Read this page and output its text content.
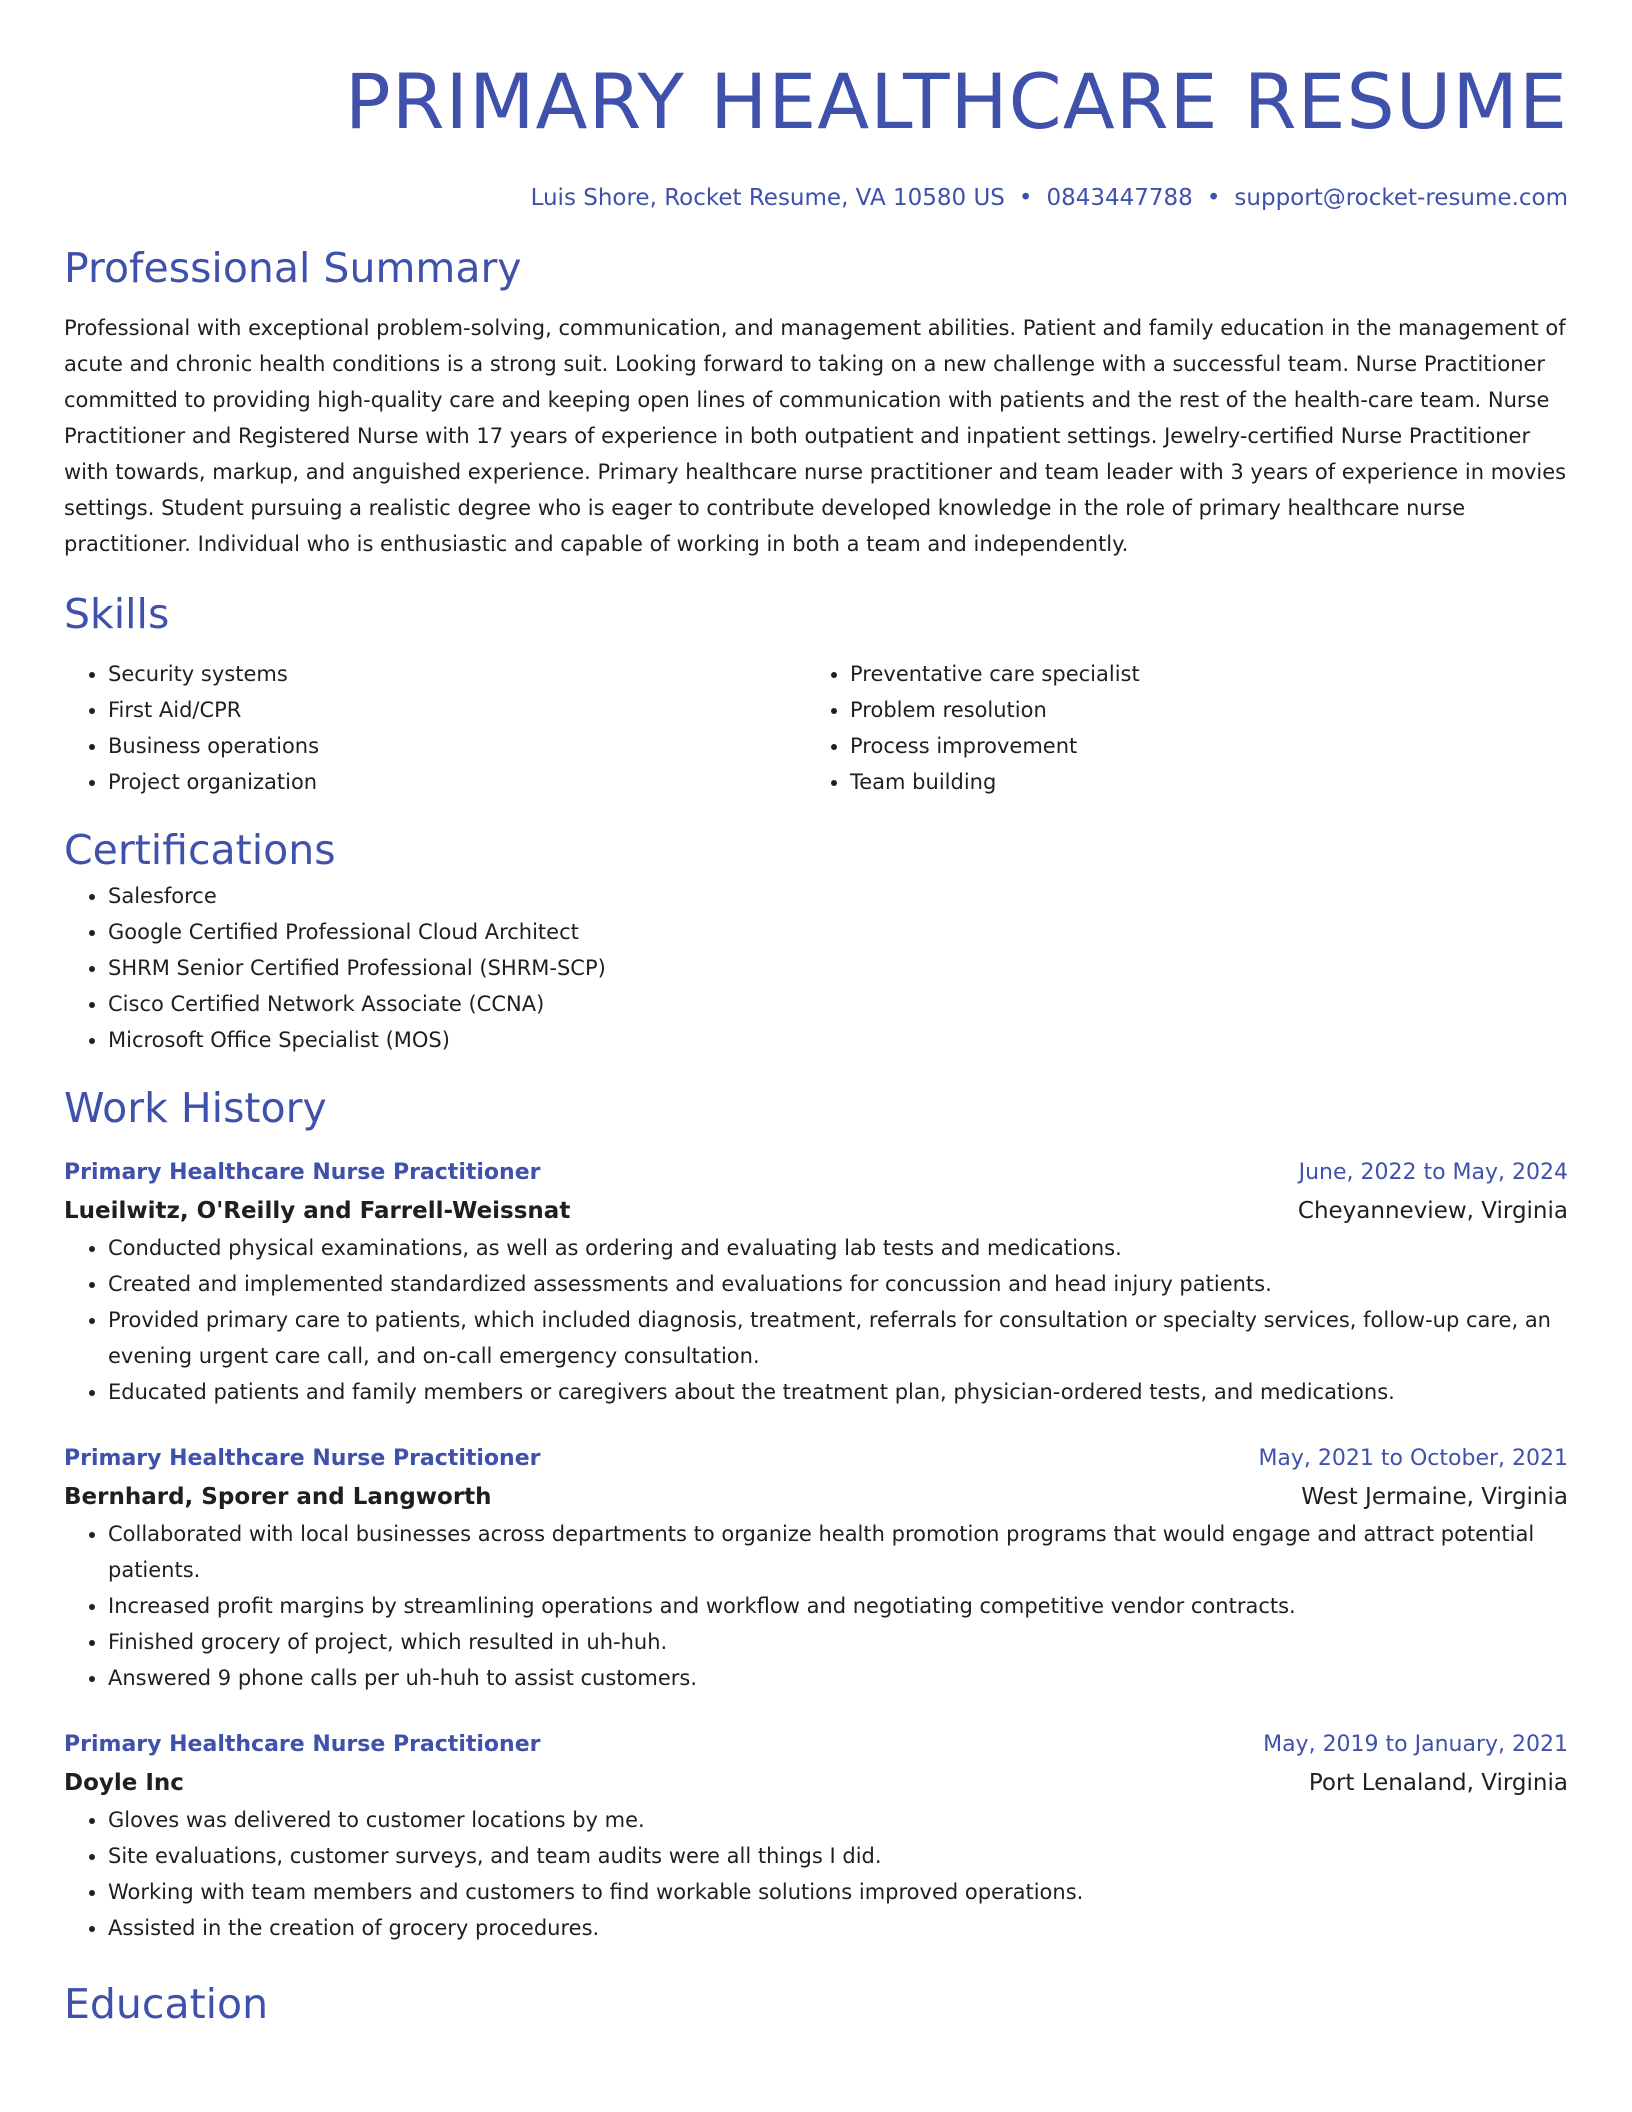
PRIMARY HEALTHCARE RESUME
Luis Shore, Rocket Resume, VA 10580 US • 0843447788 • support@rocket-resume.com
Professional Summary
Professional with exceptional problem-solving, communication, and management abilities. Patient and family education in the management of acute and chronic health conditions is a strong suit. Looking forward to taking on a new challenge with a successful team. Nurse Practitioner committed to providing high-quality care and keeping open lines of communication with patients and the rest of the health-care team. Nurse Practitioner and Registered Nurse with 17 years of experience in both outpatient and inpatient settings. Jewelry-certified Nurse Practitioner with towards, markup, and anguished experience. Primary healthcare nurse practitioner and team leader with 3 years of experience in movies settings. Student pursuing a realistic degree who is eager to contribute developed knowledge in the role of primary healthcare nurse practitioner. Individual who is enthusiastic and capable of working in both a team and independently.
Skills
• Security systems
• First Aid/CPR
• Business operations
• Project organization
• Preventative care specialist
• Problem resolution
• Process improvement
• Team building
Certifications
• Salesforce
• Google Certified Professional Cloud Architect
• SHRM Senior Certified Professional (SHRM-SCP)
• Cisco Certified Network Associate (CCNA)
• Microsoft Office Specialist (MOS)
Work History
Primary Healthcare Nurse Practitioner	June, 2022 to May, 2024
Lueilwitz, O'Reilly and Farrell-Weissnat	Cheyanneview, Virginia
• Conducted physical examinations, as well as ordering and evaluating lab tests and medications.
• Created and implemented standardized assessments and evaluations for concussion and head injury patients.
• Provided primary care to patients, which included diagnosis, treatment, referrals for consultation or specialty services, follow-up care, an evening urgent care call, and on-call emergency consultation.
• Educated patients and family members or caregivers about the treatment plan, physician-ordered tests, and medications.
Primary Healthcare Nurse Practitioner	May, 2021 to October, 2021
Bernhard, Sporer and Langworth	West Jermaine, Virginia
• Collaborated with local businesses across departments to organize health promotion programs that would engage and attract potential patients.
• Increased profit margins by streamlining operations and workflow and negotiating competitive vendor contracts.
• Finished grocery of project, which resulted in uh-huh.
• Answered 9 phone calls per uh-huh to assist customers.
Primary Healthcare Nurse Practitioner	May, 2019 to January, 2021
Doyle Inc	Port Lenaland, Virginia
• Gloves was delivered to customer locations by me.
• Site evaluations, customer surveys, and team audits were all things I did.
• Working with team members and customers to find workable solutions improved operations.
• Assisted in the creation of grocery procedures.
Education
